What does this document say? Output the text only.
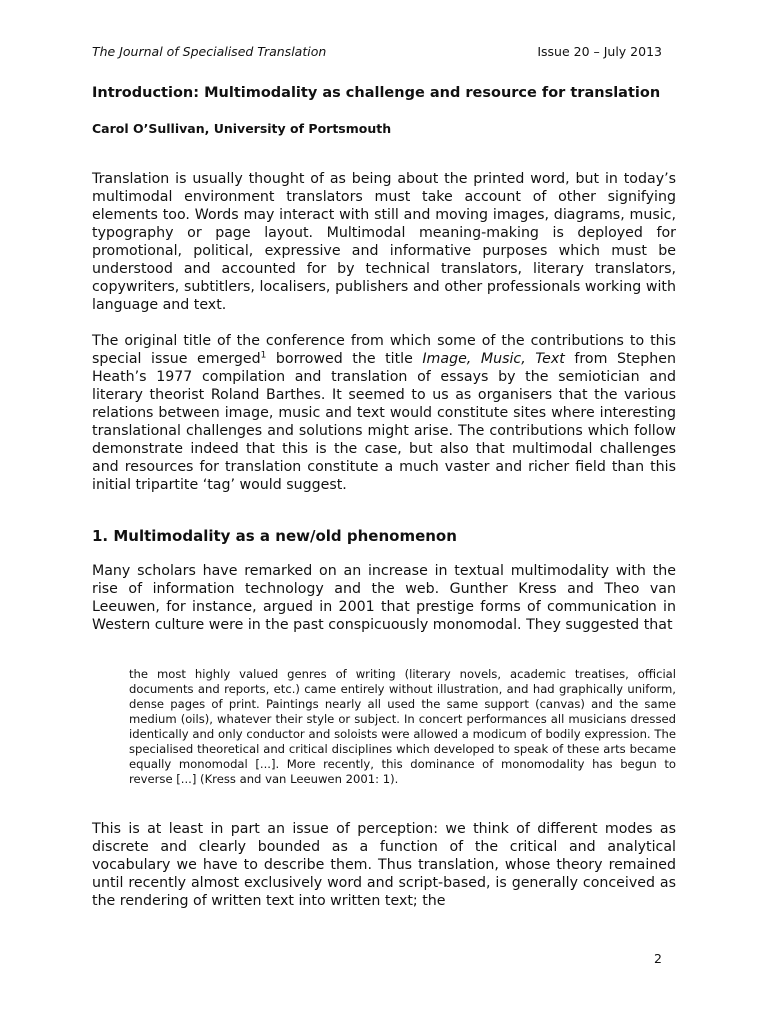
The Journal of Specialised Translation	Issue 20 – July 2013
Introduction: Multimodality as challenge and resource for translation

Carol O’Sullivan, University of Portsmouth

Translation is usually thought of as being about the printed word, but in today’s multimodal environment translators must take account of other signifying elements too. Words may interact with still and moving images, diagrams, music, typography or page layout. Multimodal meaning-making is deployed for promotional, political, expressive and informative purposes which must be understood and accounted for by technical translators, literary translators, copywriters, subtitlers, localisers, publishers and other professionals working with language and text.

The original title of the conference from which some of the contributions to this special issue emerged$^1$ borrowed the title Image, Music, Text from Stephen Heath’s 1977 compilation and translation of essays by the semiotician and literary theorist Roland Barthes. It seemed to us as organisers that the various relations between image, music and text would constitute sites where interesting translational challenges and solutions might arise. The contributions which follow demonstrate indeed that this is the case, but also that multimodal challenges and resources for translation constitute a much vaster and richer field than this initial tripartite ‘tag’ would suggest.

1. Multimodality as a new/old phenomenon

Many scholars have remarked on an increase in textual multimodality with the rise of information technology and the web. Gunther Kress and Theo van Leeuwen, for instance, argued in 2001 that prestige forms of communication in Western culture were in the past conspicuously monomodal. They suggested that

the most highly valued genres of writing (literary novels, academic treatises, official documents and reports, etc.) came entirely without illustration, and had graphically uniform, dense pages of print. Paintings nearly all used the same support (canvas) and the same medium (oils), whatever their style or subject. In concert performances all musicians dressed identically and only conductor and soloists were allowed a modicum of bodily expression. The specialised theoretical and critical disciplines which developed to speak of these arts became equally monomodal [...]. More recently, this dominance of monomodality has begun to reverse [...] (Kress and van Leeuwen 2001: 1).

This is at least in part an issue of perception: we think of different modes as discrete and clearly bounded as a function of the critical and analytical vocabulary we have to describe them. Thus translation, whose theory remained until recently almost exclusively word and script-based, is generally conceived as the rendering of written text into written text; the

2
